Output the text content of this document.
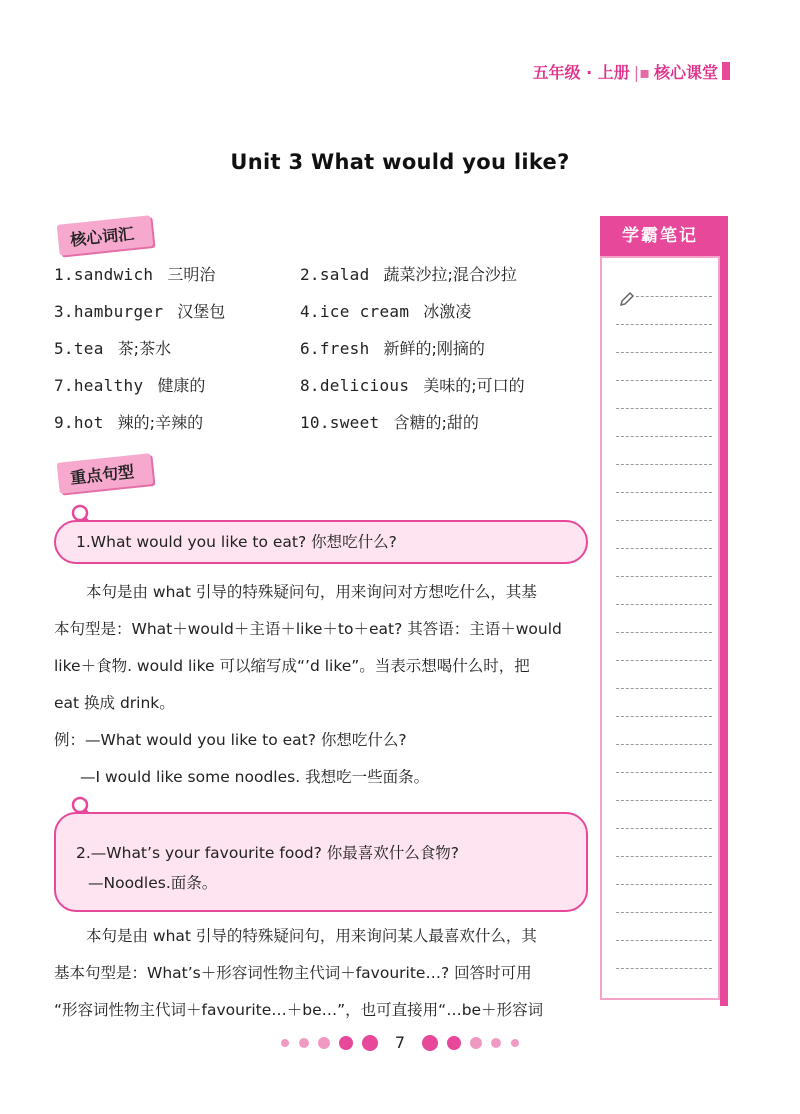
五年级 · 上册 |▪ 核心课堂
Unit 3 What would you like?
核心词汇
1.sandwich 三明治	2.salad 蔬菜沙拉;混合沙拉
3.hamburger 汉堡包	4.ice cream 冰激凌
5.tea 茶;茶水	6.fresh 新鲜的;刚摘的
7.healthy 健康的	8.delicious 美味的;可口的
9.hot 辣的;辛辣的	10.sweet 含糖的;甜的
重点句型
1.What would you like to eat? 你想吃什么?

本句是由 what 引导的特殊疑问句，用来询问对方想吃什么，其基

本句型是：What＋would＋主语＋like＋to＋eat? 其答语：主语＋would

like＋食物. would like 可以缩写成“’d like”。当表示想喝什么时，把

eat 换成 drink。

例：—What would you like to eat? 你想吃什么?

—I would like some noodles. 我想吃一些面条。

2.—What’s your favourite food? 你最喜欢什么食物?
—Noodles.面条。

本句是由 what 引导的特殊疑问句，用来询问某人最喜欢什么，其

基本句型是：What’s＋形容词性物主代词＋favourite…? 回答时可用

“形容词性物主代词＋favourite…＋be…”，也可直接用“…be＋形容词

学霸笔记
7
